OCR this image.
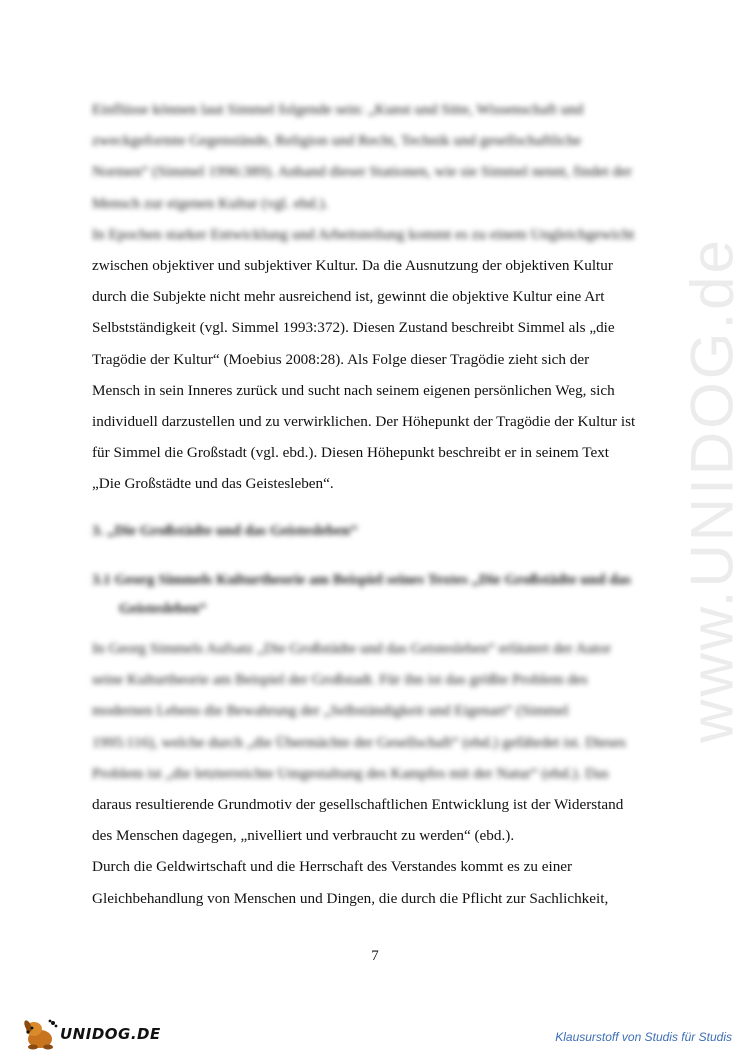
www.UNIDOG.de

Einflüsse können laut Simmel folgende sein: „Kunst und Sitte, Wissenschaft und

zweckgeformte Gegenstände, Religion und Recht, Technik und gesellschaftliche

Normen“ (Simmel 1996:389). Anhand dieser Stationen, wie sie Simmel nennt, findet der

Mensch zur eigenen Kultur (vgl. ebd.).

In Epochen starker Entwicklung und Arbeitsteilung kommt es zu einem Ungleichgewicht

zwischen objektiver und subjektiver Kultur. Da die Ausnutzung der objektiven Kultur

durch die Subjekte nicht mehr ausreichend ist, gewinnt die objektive Kultur eine Art

Selbstständigkeit (vgl. Simmel 1993:372). Diesen Zustand beschreibt Simmel als „die

Tragödie der Kultur“ (Moebius 2008:28). Als Folge dieser Tragödie zieht sich der

Mensch in sein Inneres zurück und sucht nach seinem eigenen persönlichen Weg, sich

individuell darzustellen und zu verwirklichen. Der Höhepunkt der Tragödie der Kultur ist

für Simmel die Großstadt (vgl. ebd.). Diesen Höhepunkt beschreibt er in seinem Text

„Die Großstädte und das Geistesleben“.

3. „Die Großstädte und das Geistesleben“
3.1 Georg Simmels Kulturtheorie am Beispiel seines Textes „Die Großstädte und das
Geistesleben“

In Georg Simmels Aufsatz „Die Großstädte und das Geistesleben“ erläutert der Autor

seine Kulturtheorie am Beispiel der Großstadt. Für ihn ist das größte Problem des

modernen Lebens die Bewahrung der „Selbständigkeit und Eigenart“ (Simmel

1995:116), welche durch „die Übermächte der Gesellschaft“ (ebd.) gefährdet ist. Dieses

Problem ist „die letzterreichte Umgestaltung des Kampfes mit der Natur“ (ebd.). Das

daraus resultierende Grundmotiv der gesellschaftlichen Entwicklung ist der Widerstand

des Menschen dagegen, „nivelliert und verbraucht zu werden“ (ebd.).

Durch die Geldwirtschaft und die Herrschaft des Verstandes kommt es zu einer

Gleichbehandlung von Menschen und Dingen, die durch die Pflicht zur Sachlichkeit,

7
UNIDOG.DE	Klausurstoff von Studis für Studis
